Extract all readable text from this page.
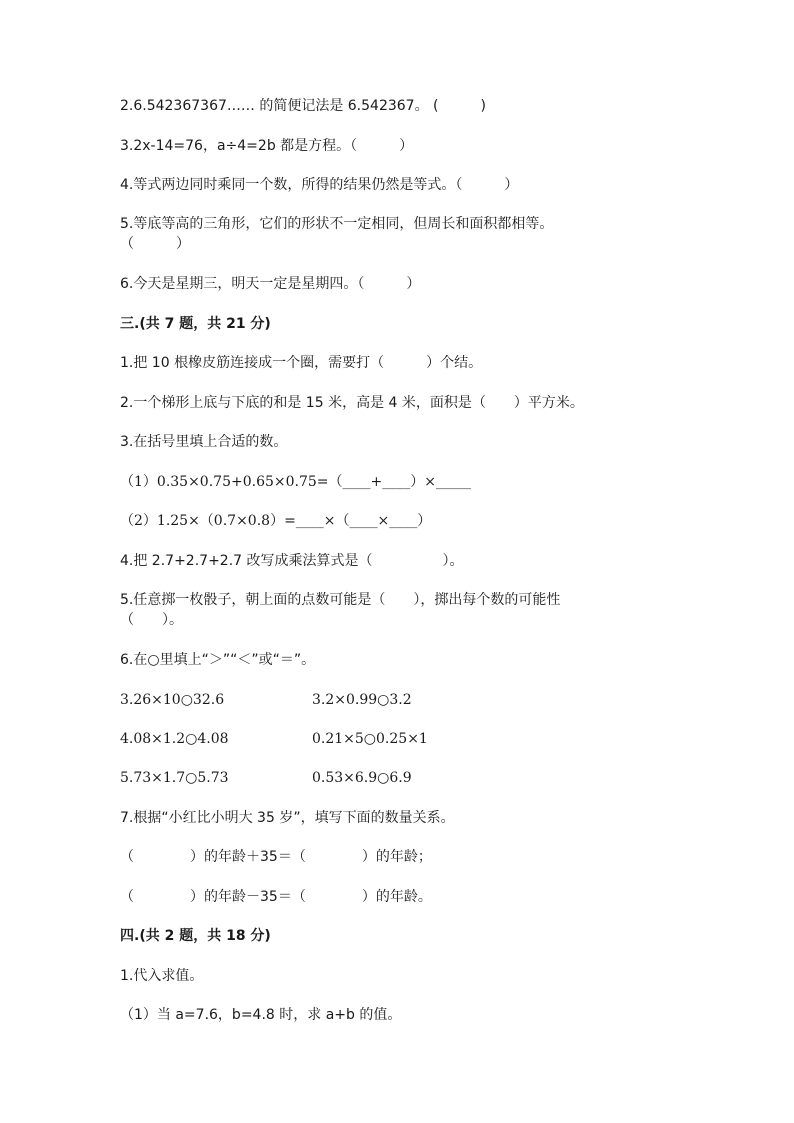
2.6.542367367…… 的简便记法是 6.542367。 (　　　)
3.2x-14=76，a÷4=2b 都是方程。（　　　）
4.等式两边同时乘同一个数，所得的结果仍然是等式。（　　　）
5.等底等高的三角形，它们的形状不一定相同，但周长和面积都相等。
（　　　）
6.今天是星期三，明天一定是星期四。（　　　）
三.(共 7 题，共 21 分)
1.把 10 根橡皮筋连接成一个圈，需要打（　　　）个结。
2.一个梯形上底与下底的和是 15 米，高是 4 米，面积是（　　）平方米。
3.在括号里填上合适的数。
（1）0.35×0.75+0.65×0.75=（____+____）×_____
（2）1.25×（0.7×0.8）=____×（____×____）
4.把 2.7+2.7+2.7 改写成乘法算式是（　　　　　）。
5.任意掷一枚骰子，朝上面的点数可能是（　　），掷出每个数的可能性
（　　）。
6.在○里填上“＞”“＜”或“＝”。
3.26×10○32.6	3.2×0.99○3.2
4.08×1.2○4.08	0.21×5○0.25×1
5.73×1.7○5.73	0.53×6.9○6.9
7.根据“小红比小明大 35 岁”，填写下面的数量关系。
（　　　　）的年龄＋35＝（　　　　）的年龄；
（　　　　）的年龄－35＝（　　　　）的年龄。
四.(共 2 题，共 18 分)
1.代入求值。
（1）当 a=7.6，b=4.8 时，求 a+b 的值。
